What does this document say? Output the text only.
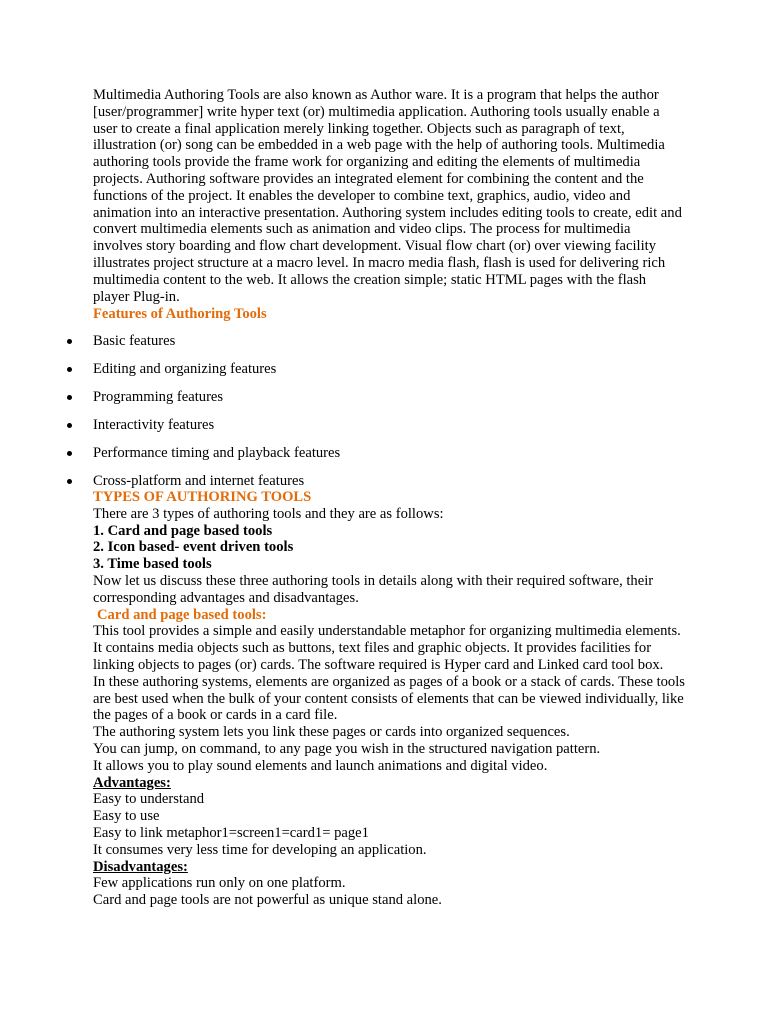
Multimedia Authoring Tools are also known as Author ware. It is a program that helps the author [user/programmer] write hyper text (or) multimedia application. Authoring tools usually enable a user to create a final application merely linking together. Objects such as paragraph of text, illustration (or) song can be embedded in a web page with the help of authoring tools. Multimedia authoring tools provide the frame work for organizing and editing the elements of multimedia projects. Authoring software provides an integrated element for combining the content and the functions of the project. It enables the developer to combine text, graphics, audio, video and animation into an interactive presentation. Authoring system includes editing tools to create, edit and convert multimedia elements such as animation and video clips. The process for multimedia involves story boarding and flow chart development. Visual flow chart (or) over viewing facility illustrates project structure at a macro level. In macro media flash, flash is used for delivering rich multimedia content to the web. It allows the creation simple; static HTML pages with the flash player Plug-in.

Features of Authoring Tools

Basic features
Editing and organizing features
Programming features
Interactivity features
Performance timing and playback features
Cross-platform and internet features

TYPES OF AUTHORING TOOLS

There are 3 types of authoring tools and they are as follows:

1. Card and page based tools

2. Icon based- event driven tools

3. Time based tools

Now let us discuss these three authoring tools in details along with their required software, their corresponding advantages and disadvantages.

Card and page based tools:

This tool provides a simple and easily understandable metaphor for organizing multimedia elements. It contains media objects such as buttons, text files and graphic objects. It provides facilities for linking objects to pages (or) cards. The software required is Hyper card and Linked card tool box.

In these authoring systems, elements are organized as pages of a book or a stack of cards. These tools are best used when the bulk of your content consists of elements that can be viewed individually, like the pages of a book or cards in a card file.

The authoring system lets you link these pages or cards into organized sequences.

You can jump, on command, to any page you wish in the structured navigation pattern.

It allows you to play sound elements and launch animations and digital video.

Advantages:

Easy to understand

Easy to use

Easy to link metaphor1=screen1=card1= page1

It consumes very less time for developing an application.

Disadvantages:

Few applications run only on one platform.

Card and page tools are not powerful as unique stand alone.
